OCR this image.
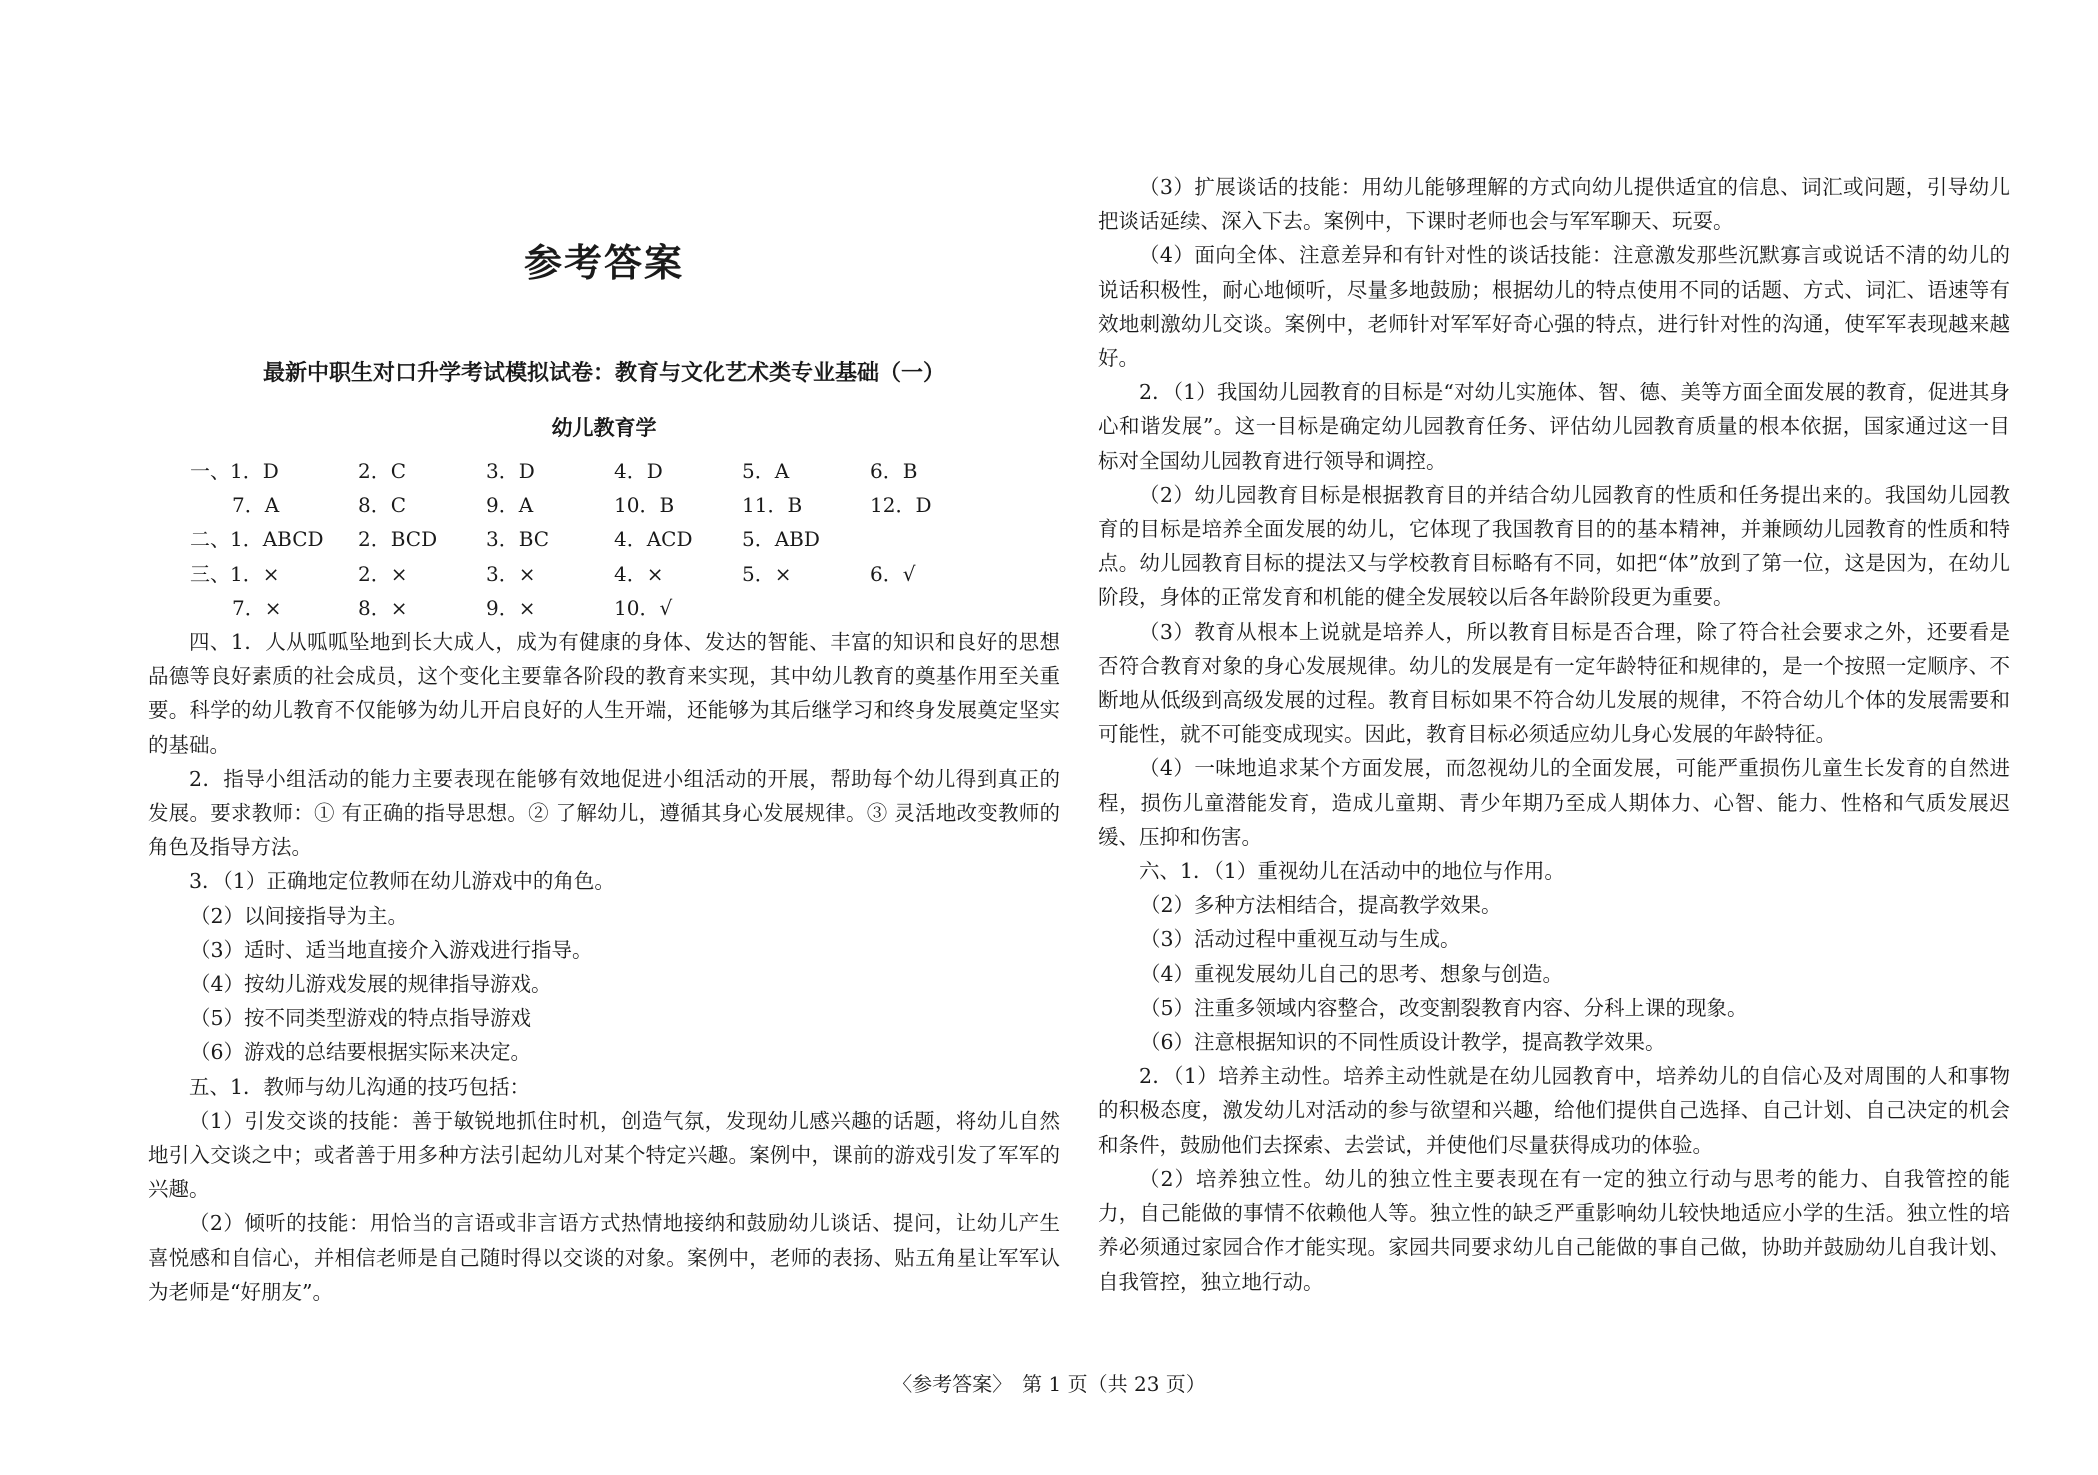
参考答案
最新中职生对口升学考试模拟试卷：教育与文化艺术类专业基础（一）
幼儿教育学
一、1．D	2．C	3．D	4．D	5．A	6．B
7．A	8．C	9．A	10．B	11．B	12．D
二、1．ABCD 2．BCD 3．BC	4．ACD 5．ABD
三、1．×	2．×	3．×	4．×	5．×	6．√
7．×	8．×	9．×	10．√

四、1．人从呱呱坠地到长大成人，成为有健康的身体、发达的智能、丰富的知识和良好的思想品德等良好素质的社会成员，这个变化主要靠各阶段的教育来实现，其中幼儿教育的奠基作用至关重要。科学的幼儿教育不仅能够为幼儿开启良好的人生开端，还能够为其后继学习和终身发展奠定坚实的基础。

2．指导小组活动的能力主要表现在能够有效地促进小组活动的开展，帮助每个幼儿得到真正的发展。要求教师：① 有正确的指导思想。② 了解幼儿，遵循其身心发展规律。③ 灵活地改变教师的角色及指导方法。

3．（1）正确地定位教师在幼儿游戏中的角色。

（2）以间接指导为主。

（3）适时、适当地直接介入游戏进行指导。

（4）按幼儿游戏发展的规律指导游戏。

（5）按不同类型游戏的特点指导游戏

（6）游戏的总结要根据实际来决定。

五、1．教师与幼儿沟通的技巧包括：

（1）引发交谈的技能：善于敏锐地抓住时机，创造气氛，发现幼儿感兴趣的话题，将幼儿自然地引入交谈之中；或者善于用多种方法引起幼儿对某个特定兴趣。案例中，课前的游戏引发了军军的兴趣。

（2）倾听的技能：用恰当的言语或非言语方式热情地接纳和鼓励幼儿谈话、提问，让幼儿产生喜悦感和自信心，并相信老师是自己随时得以交谈的对象。案例中，老师的表扬、贴五角星让军军认为老师是“好朋友”。

（3）扩展谈话的技能：用幼儿能够理解的方式向幼儿提供适宜的信息、词汇或问题，引导幼儿把谈话延续、深入下去。案例中，下课时老师也会与军军聊天、玩耍。

（4）面向全体、注意差异和有针对性的谈话技能：注意激发那些沉默寡言或说话不清的幼儿的说话积极性，耐心地倾听，尽量多地鼓励；根据幼儿的特点使用不同的话题、方式、词汇、语速等有效地刺激幼儿交谈。案例中，老师针对军军好奇心强的特点，进行针对性的沟通，使军军表现越来越好。

2．（1）我国幼儿园教育的目标是“对幼儿实施体、智、德、美等方面全面发展的教育，促进其身心和谐发展”。这一目标是确定幼儿园教育任务、评估幼儿园教育质量的根本依据，国家通过这一目标对全国幼儿园教育进行领导和调控。

（2）幼儿园教育目标是根据教育目的并结合幼儿园教育的性质和任务提出来的。我国幼儿园教育的目标是培养全面发展的幼儿，它体现了我国教育目的的基本精神，并兼顾幼儿园教育的性质和特点。幼儿园教育目标的提法又与学校教育目标略有不同，如把“体”放到了第一位，这是因为，在幼儿阶段，身体的正常发育和机能的健全发展较以后各年龄阶段更为重要。

（3）教育从根本上说就是培养人，所以教育目标是否合理，除了符合社会要求之外，还要看是否符合教育对象的身心发展规律。幼儿的发展是有一定年龄特征和规律的，是一个按照一定顺序、不断地从低级到高级发展的过程。教育目标如果不符合幼儿发展的规律，不符合幼儿个体的发展需要和可能性，就不可能变成现实。因此，教育目标必须适应幼儿身心发展的年龄特征。

（4）一味地追求某个方面发展，而忽视幼儿的全面发展，可能严重损伤儿童生长发育的自然进程，损伤儿童潜能发育，造成儿童期、青少年期乃至成人期体力、心智、能力、性格和气质发展迟缓、压抑和伤害。

六、1．（1）重视幼儿在活动中的地位与作用。

（2）多种方法相结合，提高教学效果。

（3）活动过程中重视互动与生成。

（4）重视发展幼儿自己的思考、想象与创造。

（5）注重多领域内容整合，改变割裂教育内容、分科上课的现象。

（6）注意根据知识的不同性质设计教学，提高教学效果。

2．（1）培养主动性。培养主动性就是在幼儿园教育中，培养幼儿的自信心及对周围的人和事物的积极态度，激发幼儿对活动的参与欲望和兴趣，给他们提供自己选择、自己计划、自己决定的机会和条件，鼓励他们去探索、去尝试，并使他们尽量获得成功的体验。

（2）培养独立性。幼儿的独立性主要表现在有一定的独立行动与思考的能力、自我管控的能力，自己能做的事情不依赖他人等。独立性的缺乏严重影响幼儿较快地适应小学的生活。独立性的培养必须通过家园合作才能实现。家园共同要求幼儿自己能做的事自己做，协助并鼓励幼儿自我计划、自我管控，独立地行动。

〈参考答案〉　第 1 页（共 23 页）
